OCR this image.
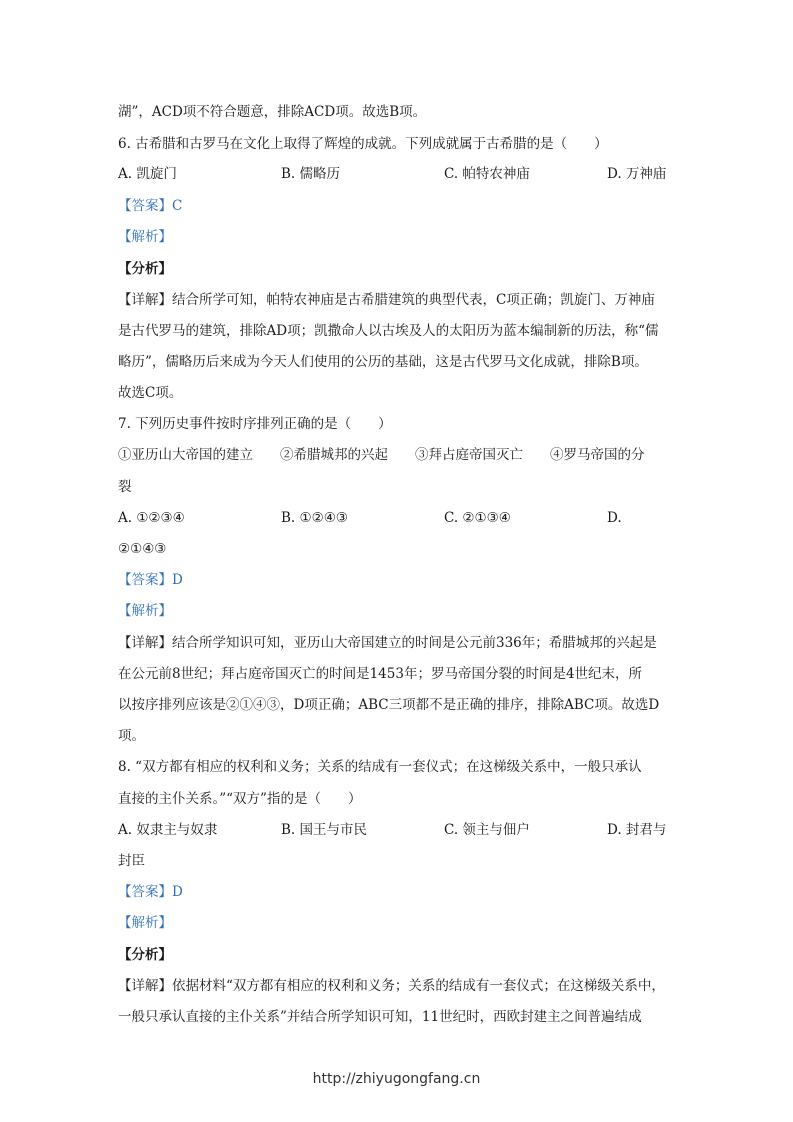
湖”，ACD项不符合题意，排除ACD项。故选B项。
6. 古希腊和古罗马在文化上取得了辉煌的成就。下列成就属于古希腊的是（　　）
A. 凯旋门	B. 儒略历	C. 帕特农神庙	D. 万神庙
【答案】C
【解析】
【分析】
【详解】结合所学可知，帕特农神庙是古希腊建筑的典型代表，C项正确；凯旋门、万神庙
是古代罗马的建筑，排除AD项；凯撒命人以古埃及人的太阳历为蓝本编制新的历法，称“儒
略历”，儒略历后来成为今天人们使用的公历的基础，这是古代罗马文化成就，排除B项。
故选C项。
7. 下列历史事件按时序排列正确的是（　　）
①亚历山大帝国的建立　　②希腊城邦的兴起　　③拜占庭帝国灭亡　　④罗马帝国的分
裂
A. ①②③④	B. ①②④③	C. ②①③④	D.
②①④③
【答案】D
【解析】
【详解】结合所学知识可知，亚历山大帝国建立的时间是公元前336年；希腊城邦的兴起是
在公元前8世纪；拜占庭帝国灭亡的时间是1453年；罗马帝国分裂的时间是4世纪末，所
以按序排列应该是②①④③，D项正确；ABC三项都不是正确的排序，排除ABC项。故选D
项。
8. “双方都有相应的权利和义务；关系的结成有一套仪式；在这梯级关系中，一般只承认
直接的主仆关系。”“双方”指的是（　　）
A. 奴隶主与奴隶	B. 国王与市民	C. 领主与佃户	D. 封君与
封臣
【答案】D
【解析】
【分析】
【详解】依据材料“双方都有相应的权利和义务；关系的结成有一套仪式；在这梯级关系中，
一般只承认直接的主仆关系”并结合所学知识可知，11世纪时，西欧封建主之间普遍结成
http://zhiyugongfang.cn
